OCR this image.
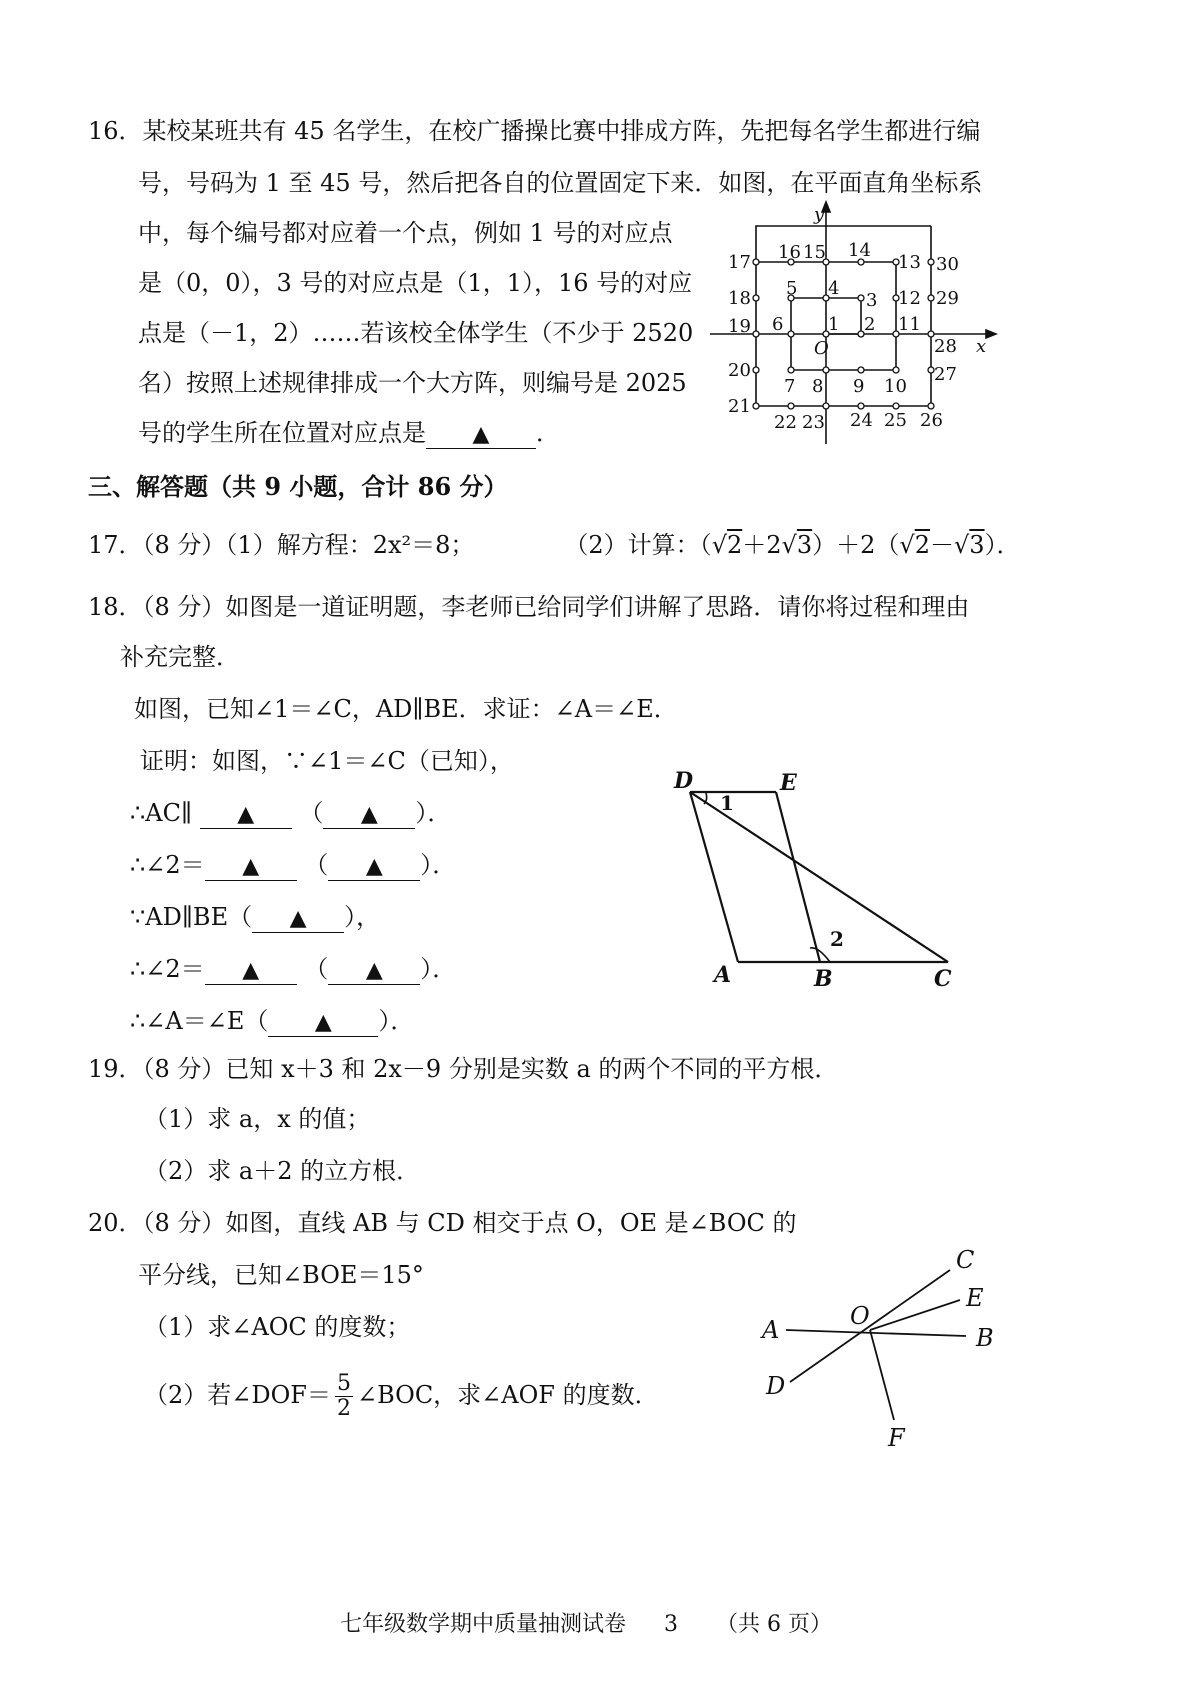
16．某校某班共有 45 名学生，在校广播操比赛中排成方阵，先把每名学生都进行编
号，号码为 1 至 45 号，然后把各自的位置固定下来．如图，在平面直角坐标系
中，每个编号都对应着一个点，例如 1 号的对应点
是（0，0），3 号的对应点是（1，1），16 号的对应
点是（－1，2）……若该校全体学生（不少于 2520
名）按照上述规律排成一个大方阵，则编号是 2025
号的学生所在位置对应点是 ▲ ．
y
x
O
1 2
3
4
5
6
7 8 9 10
11
12
13
14
15
16
17
18
19
20
21
22 23 24 25 26
27
28
29
30
三、解答题（共 9 小题，合计 86 分）
17．（8 分）（1）解方程：2x²＝8；	（2）计算：（√2＋2√3）＋2（√2－√3）．
18．（8 分）如图是一道证明题，李老师已给同学们讲解了思路．请你将过程和理由
补充完整．
如图，已知∠1＝∠C，AD∥BE．求证：∠A＝∠E．
证明：如图，∵∠1＝∠C（已知），
∴AC∥ ▲ （ ▲ ）．
∴∠2＝ ▲ （ ▲ ）．
∵AD∥BE（ ▲ ），
∴∠2＝ ▲ （ ▲ ）．
∴∠A＝∠E（ ▲ ）．
D	E
A	B	C
1
2
19．（8 分）已知 x＋3 和 2x－9 分别是实数 a 的两个不同的平方根．
（1）求 a，x 的值；
（2）求 a＋2 的立方根．
20．（8 分）如图，直线 AB 与 CD 相交于点 O，OE 是∠BOC 的
平分线，已知∠BOE＝15°
（1）求∠AOC 的度数；
（2）若∠DOF＝ $\frac{5}{2}$ ∠BOC，求∠AOF 的度数．
A	B
C
D
E
F
O
七年级数学期中质量抽测试卷 3 （共 6 页）
